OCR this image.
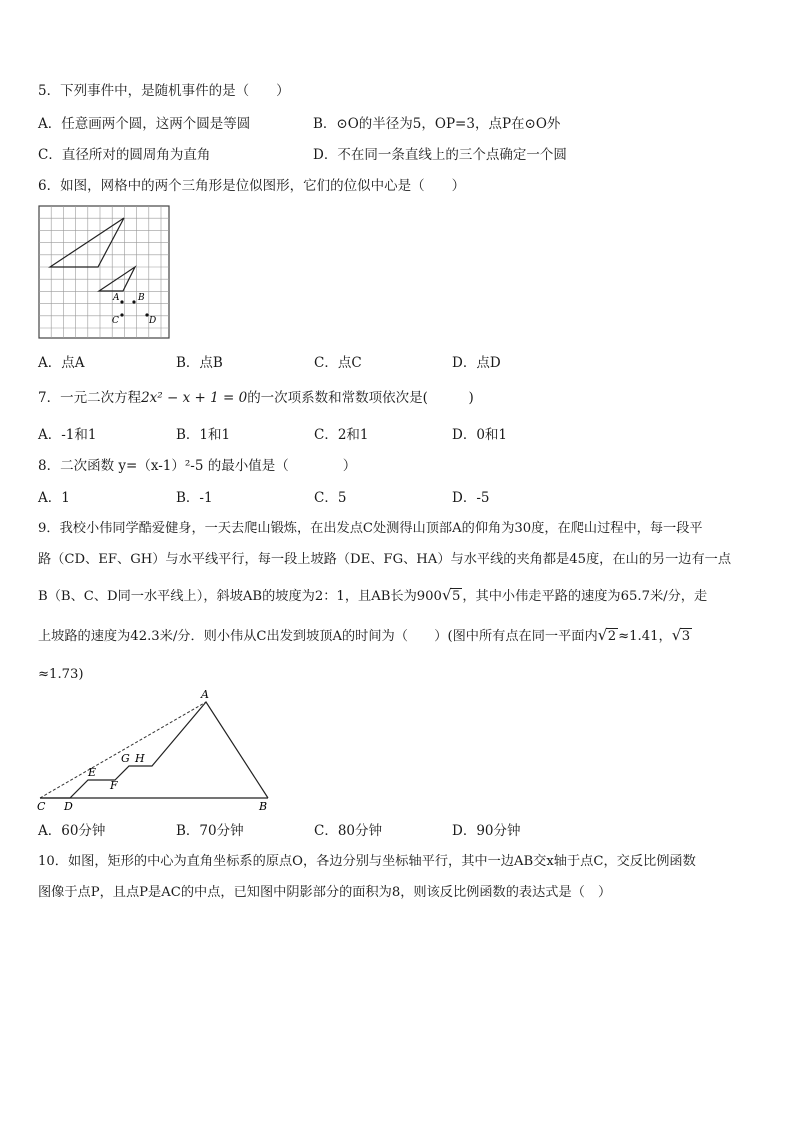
5．下列事件中，是随机事件的是（　　）
A．任意画两个圆，这两个圆是等圆	B．⊙O的半径为5，OP=3，点P在⊙O外
C．直径所对的圆周角为直角	D．不在同一条直线上的三个点确定一个圆
6．如图，网格中的两个三角形是位似图形，它们的位似中心是（　　）
A B
C	D
A．点A	B．点B	C．点C	D．点D
7．一元二次方程2x² − x + 1 = 0的一次项系数和常数项依次是(　　　)
A．-1和1	B．1和1	C．2和1	D．0和1
8．二次函数 y=（x-1）²-5 的最小值是（　　　　）
A．1	B．-1	C．5	D．-5
9．我校小伟同学酷爱健身，一天去爬山锻炼，在出发点C处测得山顶部A的仰角为30度，在爬山过程中，每一段平
路（CD、EF、GH）与水平线平行，每一段上坡路（DE、FG、HA）与水平线的夹角都是45度，在山的另一边有一点
B（B、C、D同一水平线上），斜坡AB的坡度为2：1，且AB长为900 √ 5 ，其中小伟走平路的速度为65.7米/分，走
上坡路的速度为42.3米/分．则小伟从C出发到坡顶A的时间为（　　）(图中所有点在同一平面内 √ 2 ≈1.41， √ 3
≈1.73)
A
B
C D
E
F
G H
A．60分钟	B．70分钟	C．80分钟	D．90分钟
10．如图，矩形的中心为直角坐标系的原点O，各边分别与坐标轴平行，其中一边AB交x轴于点C，交反比例函数
图像于点P，且点P是AC的中点，已知图中阴影部分的面积为8，则该反比例函数的表达式是（　）
